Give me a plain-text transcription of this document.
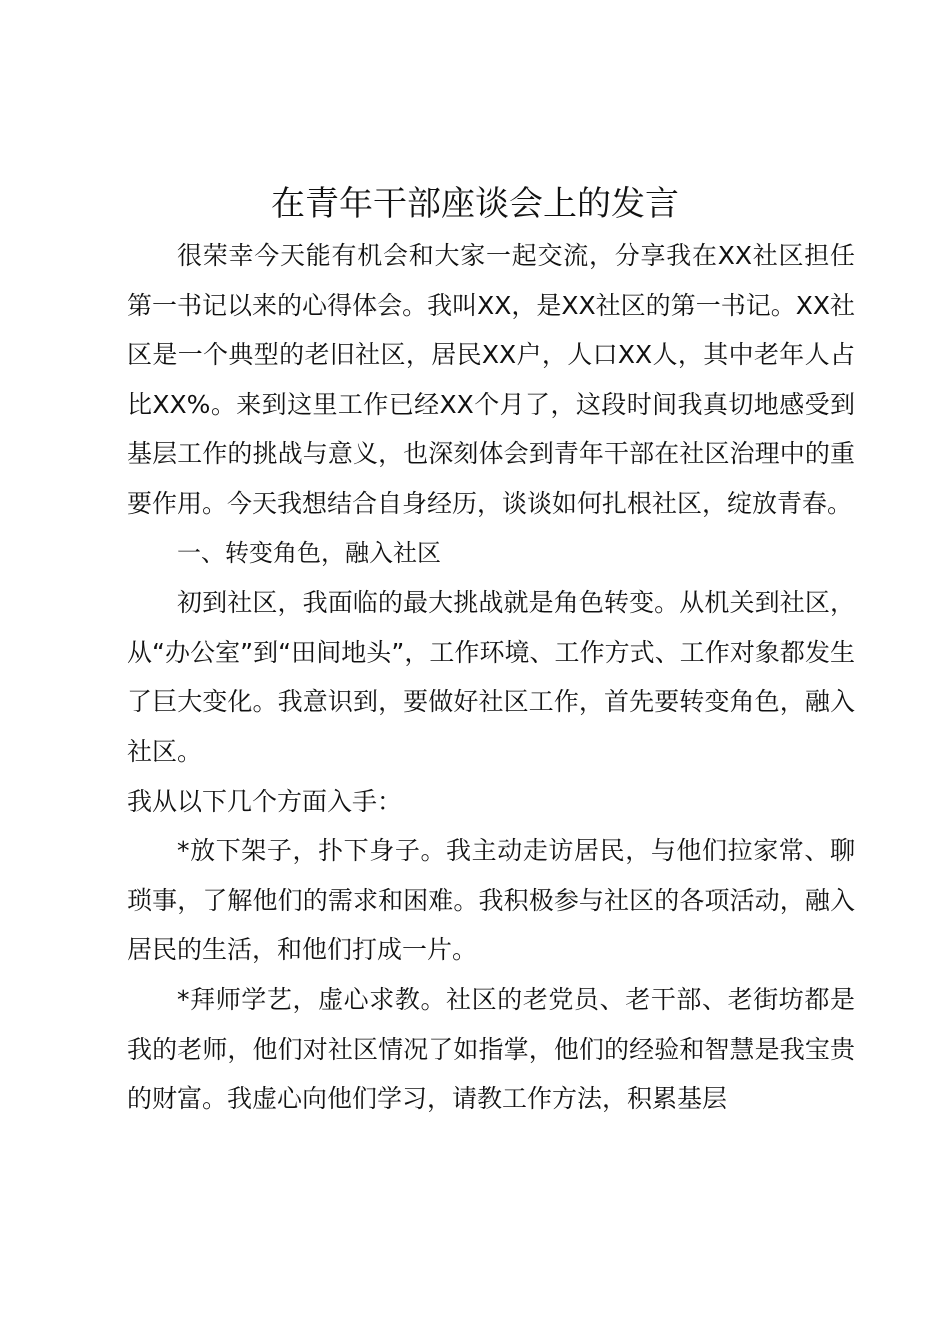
在青年干部座谈会上的发言

很荣幸今天能有机会和大家一起交流，分享我在XX社区担任第一书记以来的心得体会。我叫XX，是XX社区的第一书记。XX社区是一个典型的老旧社区，居民XX户，人口XX人，其中老年人占比XX%。来到这里工作已经XX个月了，这段时间我真切地感受到基层工作的挑战与意义，也深刻体会到青年干部在社区治理中的重要作用。今天我想结合自身经历，谈谈如何扎根社区，绽放青春。

一、转变角色，融入社区

初到社区，我面临的最大挑战就是角色转变。从机关到社区，从“办公室”到“田间地头”，工作环境、工作方式、工作对象都发生了巨大变化。我意识到，要做好社区工作，首先要转变角色，融入社区。

我从以下几个方面入手：

*放下架子，扑下身子。我主动走访居民，与他们拉家常、聊琐事，了解他们的需求和困难。我积极参与社区的各项活动，融入居民的生活，和他们打成一片。

*拜师学艺，虚心求教。社区的老党员、老干部、老街坊都是我的老师，他们对社区情况了如指掌，他们的经验和智慧是我宝贵的财富。我虚心向他们学习，请教工作方法，积累基层
